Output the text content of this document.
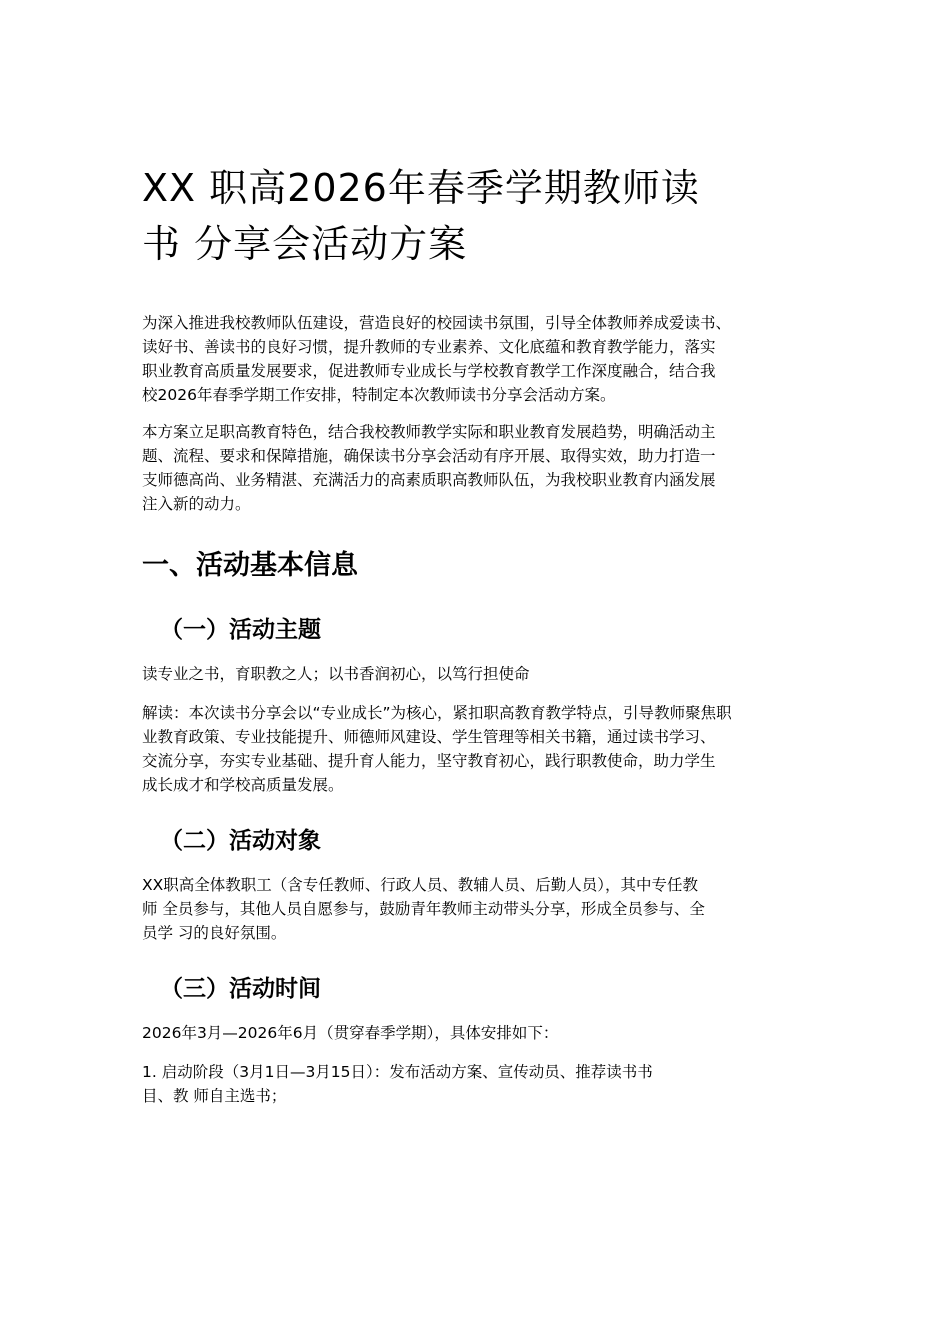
XX 职高2026年春季学期教师读
书 分享会活动方案

为深入推进我校教师队伍建设，营造良好的校园读书氛围，引导全体教师养成爱读书、
读好书、善读书的良好习惯，提升教师的专业素养、文化底蕴和教育教学能力，落实
职业教育高质量发展要求，促进教师专业成长与学校教育教学工作深度融合，结合我
校2026年春季学期工作安排，特制定本次教师读书分享会活动方案。

本方案立足职高教育特色，结合我校教师教学实际和职业教育发展趋势，明确活动主
题、流程、要求和保障措施，确保读书分享会活动有序开展、取得实效，助力打造一
支师德高尚、业务精湛、充满活力的高素质职高教师队伍，为我校职业教育内涵发展
注入新的动力。

一、活动基本信息
（一）活动主题

读专业之书，育职教之人；以书香润初心，以笃行担使命

解读：本次读书分享会以“专业成长”为核心，紧扣职高教育教学特点，引导教师聚焦职
业教育政策、专业技能提升、师德师风建设、学生管理等相关书籍，通过读书学习、
交流分享，夯实专业基础、提升育人能力，坚守教育初心，践行职教使命，助力学生
成长成才和学校高质量发展。

（二）活动对象

XX职高全体教职工（含专任教师、行政人员、教辅人员、后勤人员），其中专任教
师 全员参与，其他人员自愿参与，鼓励青年教师主动带头分享，形成全员参与、全
员学 习的良好氛围。

（三）活动时间

2026年3月—2026年6月（贯穿春季学期），具体安排如下：

1. 启动阶段（3月1日—3月15日）：发布活动方案、宣传动员、推荐读书书
目、教 师自主选书；
